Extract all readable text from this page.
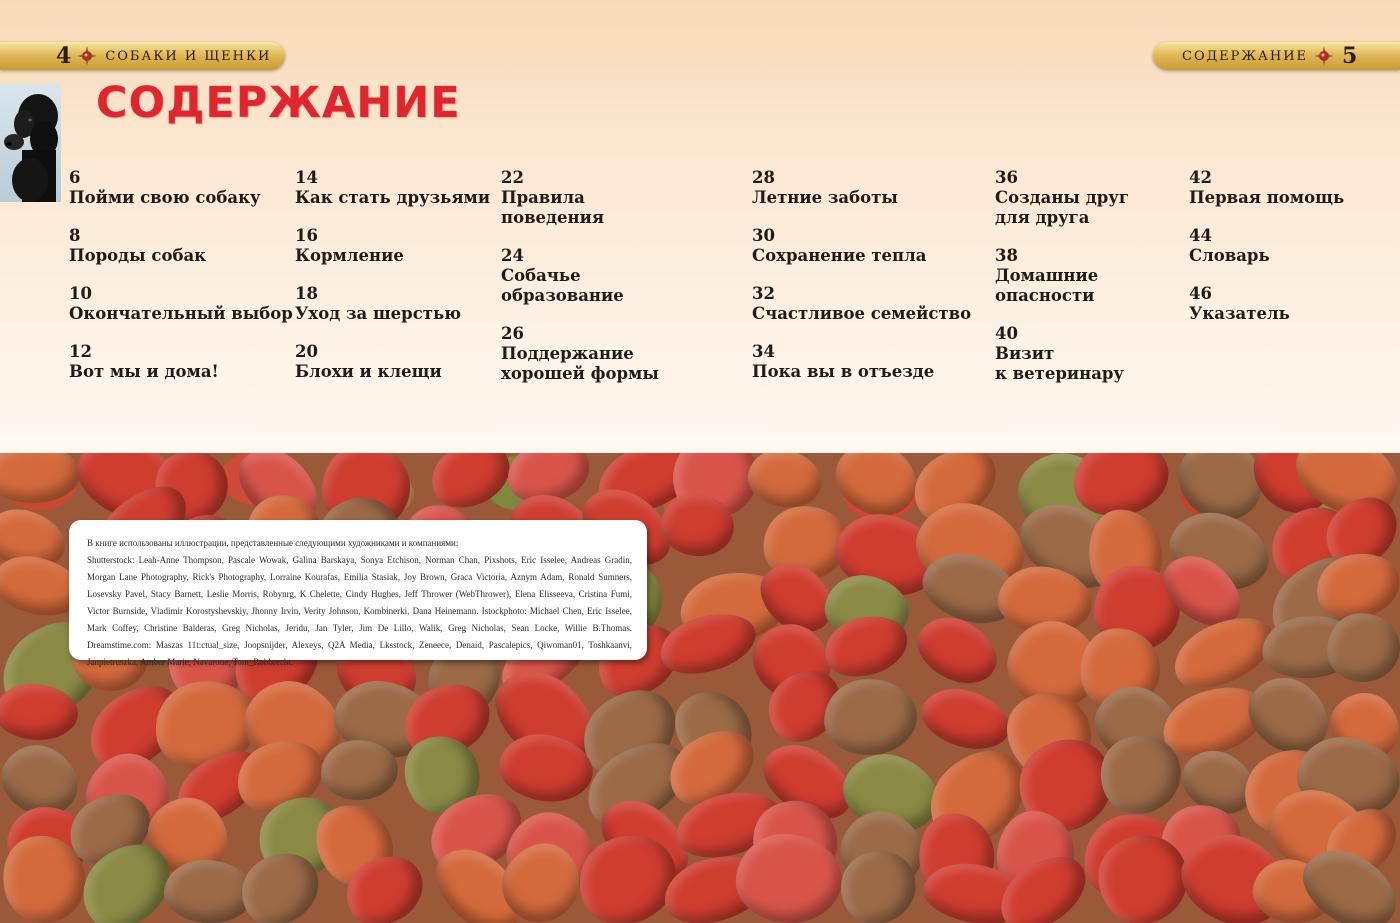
4	СОБАКИ И ЩЕНКИ	СОДЕРЖАНИЕ 5
СОДЕРЖАНИЕ
6
Пойми свою собаку
8
Породы собак
10
Окончательный выбор
12
Вот мы и дома!
14
Как стать друзьями
16
Кормление
18
Уход за шерстью
20
Блохи и клещи
22
Правила
поведения
24
Собачье
образование
26
Поддержание
хорошей формы
28
Летние заботы
30
Сохранение тепла
32
Счастливое семейство
34
Пока вы в отъезде
36
Созданы друг
для друга
38
Домашние
опасности
40
Визит
к ветеринару
42
Первая помощь
44
Словарь
46
Указатель
В книге использованы иллюстрации, представленные следующими художниками и компаниями:
Shutterstock: Leah-Anne Thompson, Pascale Wowak, Galina Barskaya, Sonya Etchison, Norman Chan, Pixshots, Eric Isselee, Andreas Gradin, Morgan Lane Photography, Rick's Photography, Lorraine Kourafas, Emilia Stasiak, Joy Brown, Graca Victoria, Aznym Adam, Ronald Sumners, Losevsky Pavel, Stacy Barnett, Leslie Morris, Robynrg, K Chelette, Cindy Hughes, Jeff Thrower (WebThrower), Elena Elisseeva, Cristina Fumi, Victor Burnside, Vladimir Korostyshevskiy, Jhonny Irvin, Verity Johnson, Kombinerki, Dana Heinemann. Istockphoto: Michael Chen, Eric Isselee, Mark Coffey, Christine Balderas, Greg Nicholas, Jeridu, Jan Tyler, Jim De Lillo, Walik, Greg Nicholas, Sean Locke, Willie B.Thomas. Dreamstime.com: Maszas 11t:ctual_size, Joopsnijder, Alexeys, Q2A Media, Lksstock, Zeneece, Denaid, Pascalepics, Qiwoman01, Toshkaanvi, Janpietruszka, Amber Marie, Navarone, Tom_Robbrecht.
